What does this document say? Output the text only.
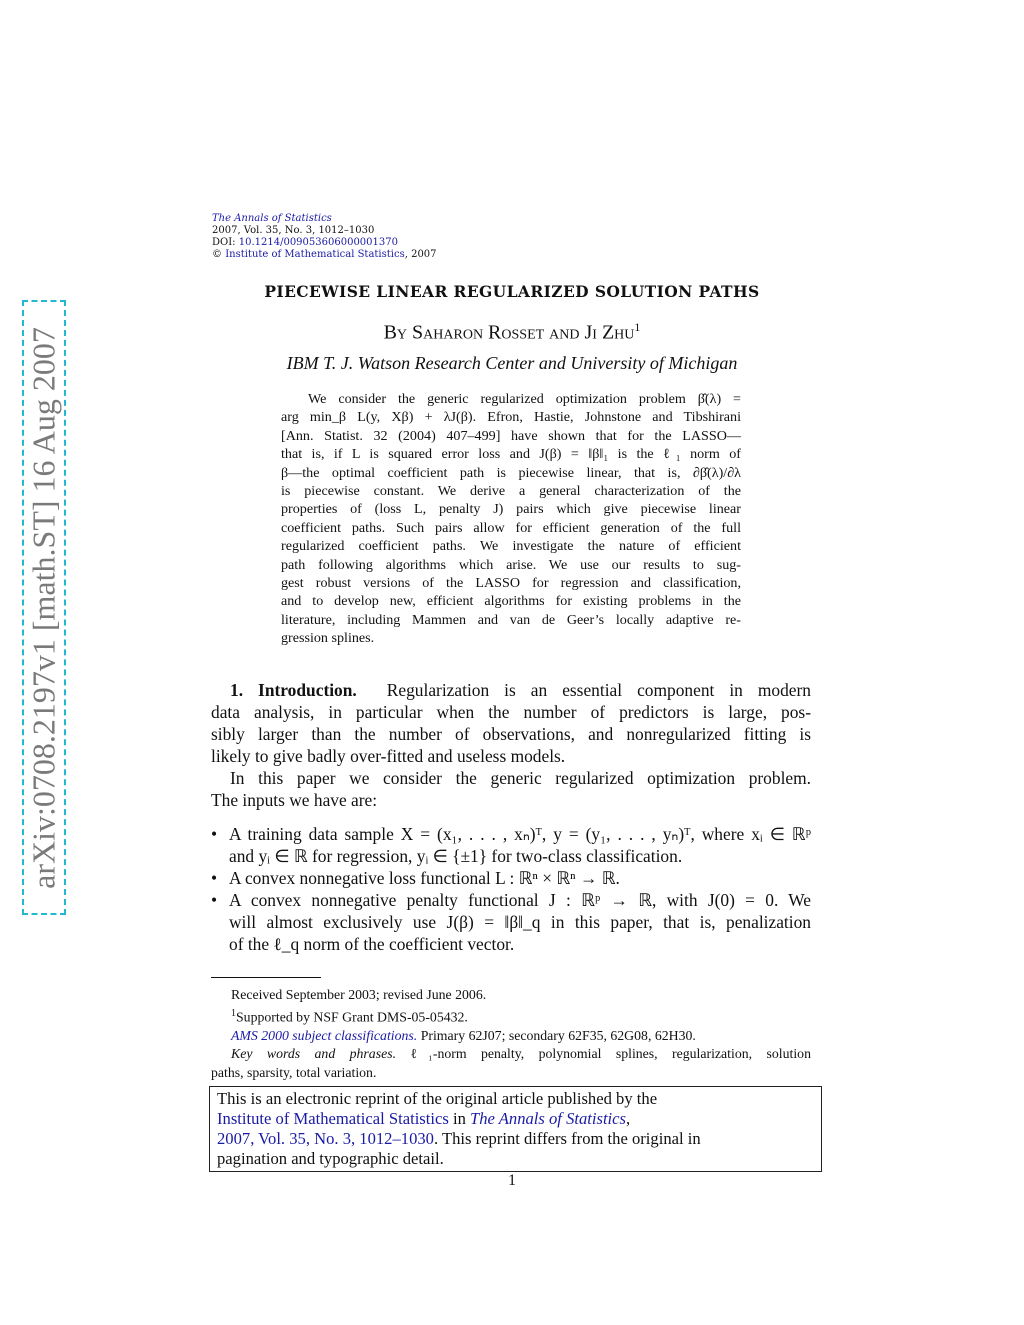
arXiv:0708.2197v1 [math.ST] 16 Aug 2007
The Annals of Statistics
2007, Vol. 35, No. 3, 1012–1030
DOI: 10.1214/009053606000001370
© Institute of Mathematical Statistics, 2007
PIECEWISE LINEAR REGULARIZED SOLUTION PATHS
By Saharon Rosset and Ji Zhu$^1$
IBM T. J. Watson Research Center and University of Michigan
We consider the generic regularized optimization problem β̂(λ) =
arg min_β L(y, Xβ) + λJ(β). Efron, Hastie, Johnstone and Tibshirani
[Ann. Statist. 32 (2004) 407–499] have shown that for the LASSO—
that is, if L is squared error loss and J(β) = ‖β‖₁ is the ℓ₁ norm of
β—the optimal coefficient path is piecewise linear, that is, ∂β̂(λ)/∂λ
is piecewise constant. We derive a general characterization of the
properties of (loss L, penalty J) pairs which give piecewise linear
coefficient paths. Such pairs allow for efficient generation of the full
regularized coefficient paths. We investigate the nature of efficient
path following algorithms which arise. We use our results to sug-
gest robust versions of the LASSO for regression and classification,
and to develop new, efficient algorithms for existing problems in the
literature, including Mammen and van de Geer’s locally adaptive re-
gression splines.
1. Introduction. Regularization is an essential component in modern
data analysis, in particular when the number of predictors is large, pos-
sibly larger than the number of observations, and nonregularized fitting is
likely to give badly over-fitted and useless models.
In this paper we consider the generic regularized optimization problem.
The inputs we have are:
• A training data sample X = (x₁, . . . , xₙ)ᵀ, y = (y₁, . . . , yₙ)ᵀ, where xᵢ ∈ ℝᵖ
and yᵢ ∈ ℝ for regression, yᵢ ∈ {±1} for two-class classification.
• A convex nonnegative loss functional L : ℝⁿ × ℝⁿ → ℝ.
• A convex nonnegative penalty functional J : ℝᵖ → ℝ, with J(0) = 0. We
will almost exclusively use J(β) = ‖β‖_q in this paper, that is, penalization
of the ℓ_q norm of the coefficient vector.
Received September 2003; revised June 2006.
$^1$Supported by NSF Grant DMS-05-05432.
AMS 2000 subject classifications. Primary 62J07; secondary 62F35, 62G08, 62H30.
Key words and phrases. ℓ₁-norm penalty, polynomial splines, regularization, solution
paths, sparsity, total variation.
This is an electronic reprint of the original article published by the
Institute of Mathematical Statistics in The Annals of Statistics,
2007, Vol. 35, No. 3, 1012–1030. This reprint differs from the original in
pagination and typographic detail.
1
